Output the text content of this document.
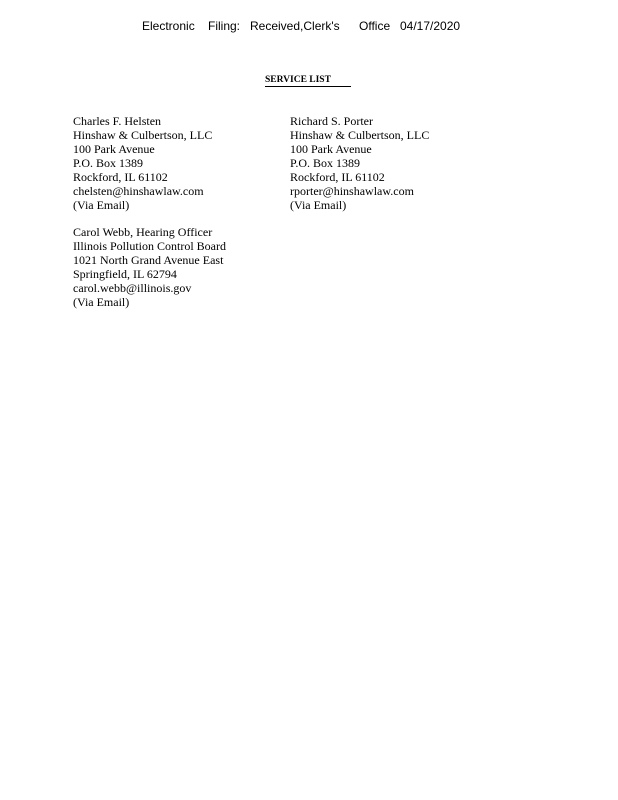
Electronic Filing: Received,Clerk's Office 04/17/2020
SERVICE LIST
Charles F. Helsten
Hinshaw & Culbertson, LLC
100 Park Avenue
P.O. Box 1389
Rockford, IL 61102
chelsten@hinshawlaw.com
(Via Email)
Richard S. Porter
Hinshaw & Culbertson, LLC
100 Park Avenue
P.O. Box 1389
Rockford, IL 61102
rporter@hinshawlaw.com
(Via Email)
Carol Webb, Hearing Officer
Illinois Pollution Control Board
1021 North Grand Avenue East
Springfield, IL 62794
carol.webb@illinois.gov
(Via Email)
